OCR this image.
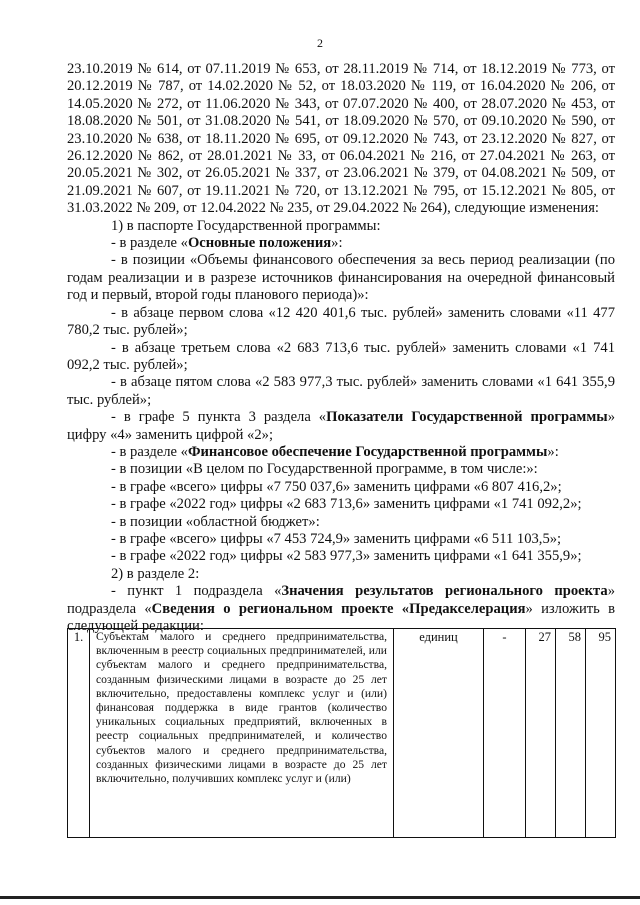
2

23.10.2019 № 614, от 07.11.2019 № 653, от 28.11.2019 № 714, от 18.12.2019 № 773, от 20.12.2019 № 787, от 14.02.2020 № 52, от 18.03.2020 № 119, от 16.04.2020 № 206, от 14.05.2020 № 272, от 11.06.2020 № 343, от 07.07.2020 № 400, от 28.07.2020 № 453, от 18.08.2020 № 501, от 31.08.2020 № 541, от 18.09.2020 № 570, от 09.10.2020 № 590, от 23.10.2020 № 638, от 18.11.2020 № 695, от 09.12.2020 № 743, от 23.12.2020 № 827, от 26.12.2020 № 862, от 28.01.2021 № 33, от 06.04.2021 № 216, от 27.04.2021 № 263, от 20.05.2021 № 302, от 26.05.2021 № 337, от 23.06.2021 № 379, от 04.08.2021 № 509, от 21.09.2021 № 607, от 19.11.2021 № 720, от 13.12.2021 № 795, от 15.12.2021 № 805, от 31.03.2022 № 209, от 12.04.2022 № 235, от 29.04.2022 № 264), следующие изменения:

1) в паспорте Государственной программы:

- в разделе «Основные положения»:

- в позиции «Объемы финансового обеспечения за весь период реализации (по годам реализации и в разрезе источников финансирования на очередной финансовый год и первый, второй годы планового периода)»:

- в абзаце первом слова «12 420 401,6 тыс. рублей» заменить словами «11 477 780,2 тыс. рублей»;

- в абзаце третьем слова «2 683 713,6 тыс. рублей» заменить словами «1 741 092,2 тыс. рублей»;

- в абзаце пятом слова «2 583 977,3 тыс. рублей» заменить словами «1 641 355,9 тыс. рублей»;

- в графе 5 пункта 3 раздела «Показатели Государственной программы» цифру «4» заменить цифрой «2»;

- в разделе «Финансовое обеспечение Государственной программы»:

- в позиции «В целом по Государственной программе, в том числе:»:

- в графе «всего» цифры «7 750 037,6» заменить цифрами «6 807 416,2»;

- в графе «2022 год» цифры «2 683 713,6» заменить цифрами «1 741 092,2»;

- в позиции «областной бюджет»:

- в графе «всего» цифры «7 453 724,9» заменить цифрами «6 511 103,5»;

- в графе «2022 год» цифры «2 583 977,3» заменить цифрами «1 641 355,9»;

2) в разделе 2:

- пункт 1 подраздела «Значения результатов регионального проекта» подраздела «Сведения о региональном проекте «Предакселерация» изложить в следующей редакции:

1.	Субъектам малого и среднего предпринимательства, включенным в реестр социальных предпринимателей, или субъектам малого и среднего предпринимательства, созданным физическими лицами в возрасте до 25 лет включительно, предоставлены комплекс услуг и (или) финансовая поддержка в виде грантов (количество уникальных социальных предприятий, включенных в реестр социальных предпринимателей, и количество субъектов малого и среднего предпринимательства, созданных физическими лицами в возрасте до 25 лет включительно, получивших комплекс услуг и (или)	единиц	-	27	58	95
